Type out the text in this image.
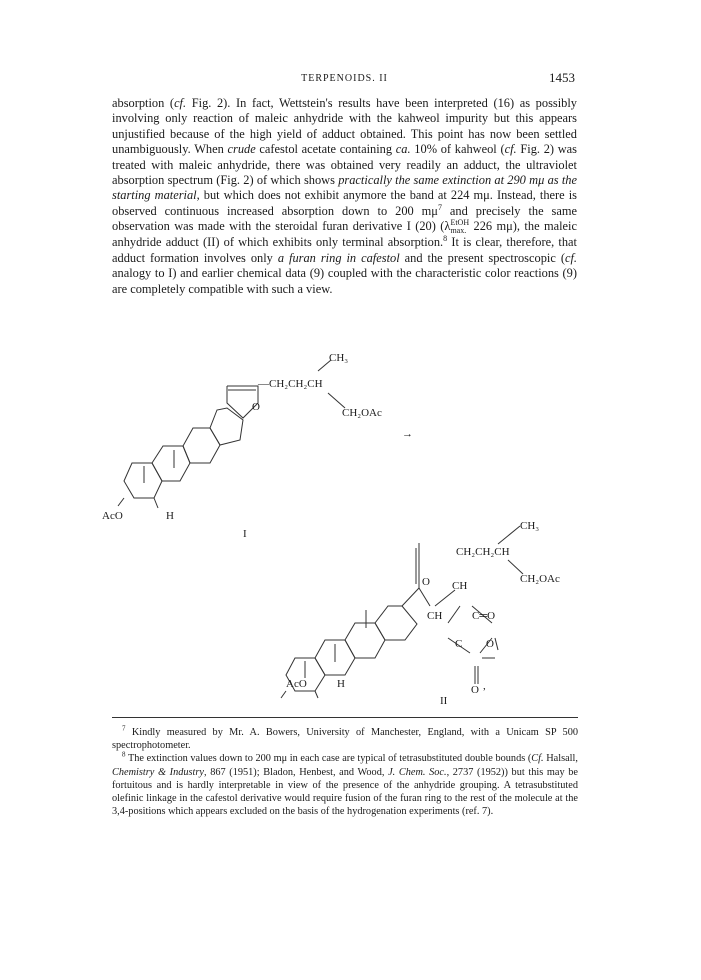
TERPENOIDS. II	1453

absorption (cf. Fig. 2). In fact, Wettstein's results have been interpreted (16) as possibly involving only reaction of maleic anhydride with the kahweol impurity but this appears unjustified because of the high yield of adduct obtained. This point has now been settled unambiguously. When crude cafestol acetate containing ca. 10% of kahweol (cf. Fig. 2) was treated with maleic anhydride, there was obtained very readily an adduct, the ultraviolet absorption spectrum (Fig. 2) of which shows practically the same extinction at 290 mμ as the starting material, but which does not exhibit anymore the band at 224 mμ. Instead, there is observed continuous increased absorption down to 200 $m\mu^7$ and precisely the same observation was made with the steroidal furan derivative I (20) (λ EtOH
max. 226 mμ), the maleic anhydride adduct (II) of which exhibits only terminal absorption.$^8$ It is clear, therefore, that adduct formation involves only a furan ring in cafestol and the present spectroscopic (cf. analogy to I) and earlier chemical data (9) coupled with the characteristic color reactions (9) are completely compatible with such a view.

CH₃
—CH₂CH₂CH
CH₂OAc
O
→
AcO	H
I
CH₃
CH₂CH₂CH
CH₂OAc
O CH
CH	C═O
C O
O ,
AcO	H
II

$^7$ Kindly measured by Mr. A. Bowers, University of Manchester, England, with a Unicam SP 500 spectrophotometer.

$^8$ The extinction values down to 200 mμ in each case are typical of tetrasubstituted double bounds (Cf. Halsall, Chemistry & Industry, 867 (1951); Bladon, Henbest, and Wood, J. Chem. Soc., 2737 (1952)) but this may be fortuitous and is hardly interpretable in view of the presence of the anhydride grouping. A tetrasubstituted olefinic linkage in the cafestol derivative would require fusion of the furan ring to the rest of the molecule at the 3,4-positions which appears excluded on the basis of the hydrogenation experiments (ref. 7).
